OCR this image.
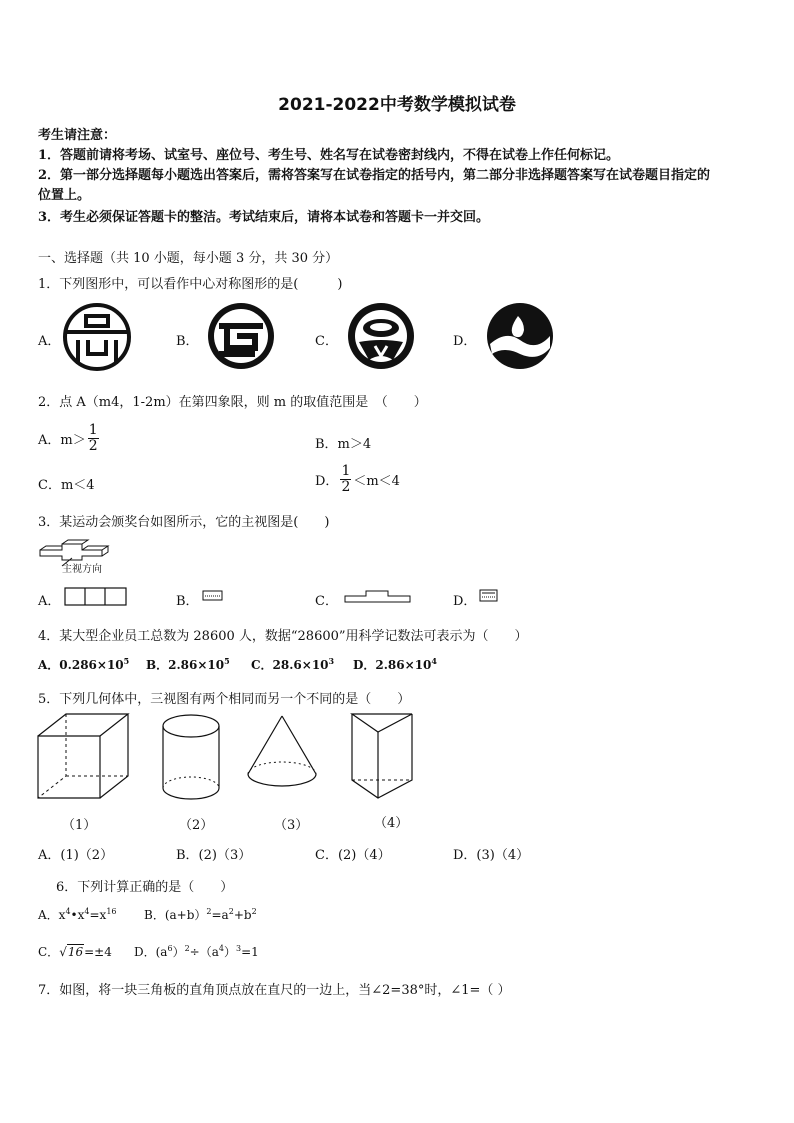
2021-2022中考数学模拟试卷
考生请注意：
1．答题前请将考场、试室号、座位号、考生号、姓名写在试卷密封线内，不得在试卷上作任何标记。
2．第一部分选择题每小题选出答案后，需将答案写在试卷指定的括号内，第二部分非选择题答案写在试卷题目指定的
位置上。
3．考生必须保证答题卡的整洁。考试结束后，请将本试卷和答题卡一并交回。
一、选择题（共 10 小题，每小题 3 分，共 30 分）
1．下列图形中，可以看作中心对称图形的是(　　　)
A．	B．	C．	D．
2．点 A（m4，1-2m）在第四象限，则 m 的取值范围是　（　　）
A．$m> \frac{1}{2}$	B．m＞4
C．m＜4	D． $\frac{1}{2} <m<4$
3．某运动会颁奖台如图所示，它的主视图是(　　)
主视方向
A．	B．	C．	D．
4．某大型企业员工总数为 28600 人，数据“28600”用科学记数法可表示为（　　）
A．$0.286\times 10^5$ B．$2.86\times 10^5$ C．$28.6\times 10^3$ D．$2.86\times 10^4$
5．下列几何体中，三视图有两个相同而另一个不同的是（　　）
（1）	（2）	（3）	（4）
A．(1)（2）	B．(2)（3）	C．(2)（4）	D．(3)（4）
6．下列计算正确的是（　　）
A．$x^4•x^4=x^{16}$ B．$(a+b)^2=a^2+b^2$
C．√16=±4 D．$(a^6)^2\div(a^4)^3=1$
7．如图，将一块三角板的直角顶点放在直尺的一边上，当∠2=38°时，∠1=（ ）
